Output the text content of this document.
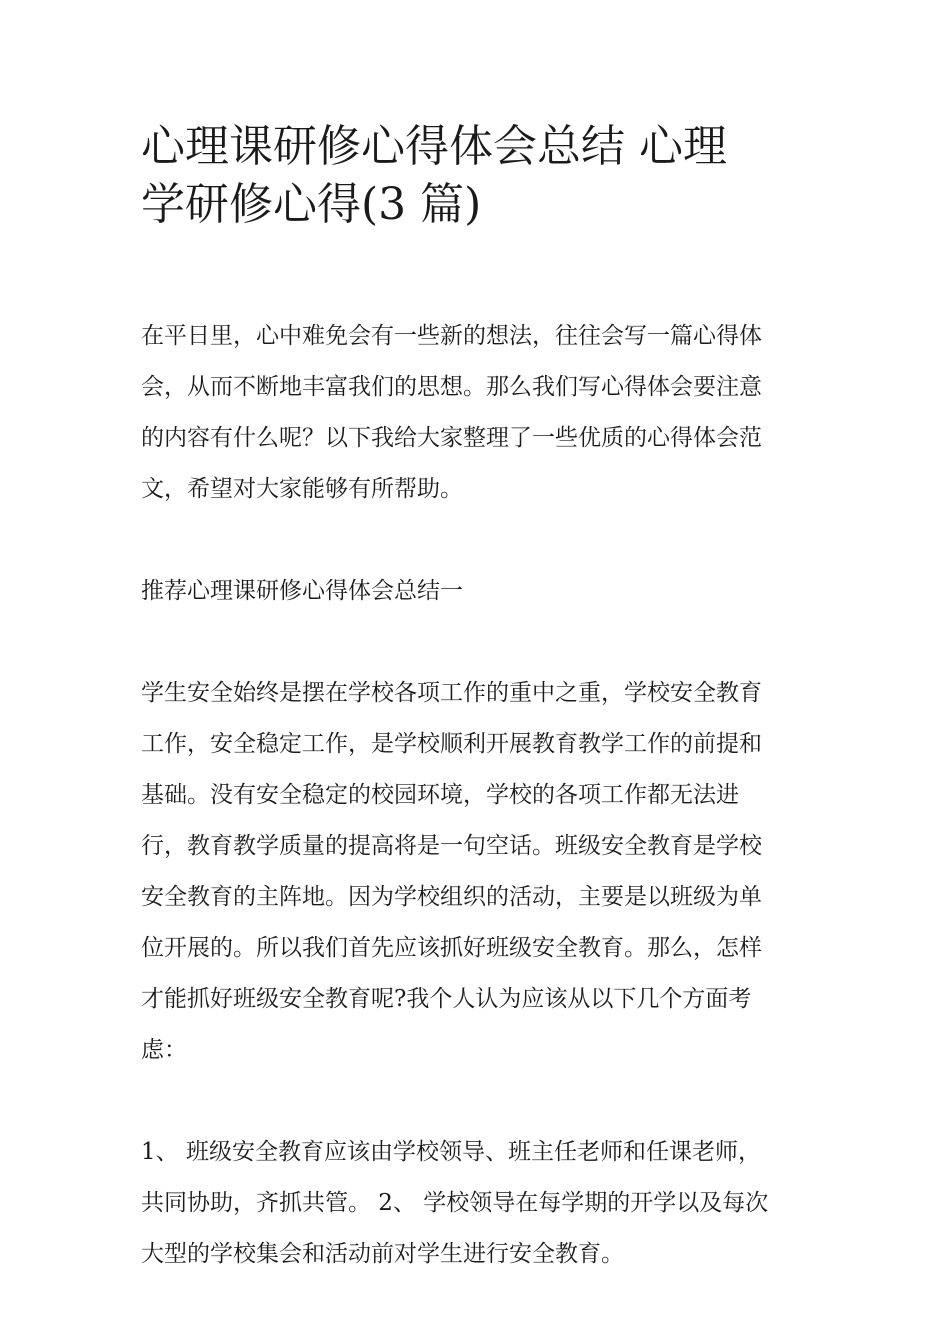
心理课研修心得体会总结 心理
学研修心得(3 篇)

在平日里，心中难免会有一些新的想法，往往会写一篇心得体
会，从而不断地丰富我们的思想。那么我们写心得体会要注意
的内容有什么呢？以下我给大家整理了一些优质的心得体会范
文，希望对大家能够有所帮助。

推荐心理课研修心得体会总结一

学生安全始终是摆在学校各项工作的重中之重，学校安全教育
工作，安全稳定工作，是学校顺利开展教育教学工作的前提和
基础。没有安全稳定的校园环境，学校的各项工作都无法进
行，教育教学质量的提高将是一句空话。班级安全教育是学校
安全教育的主阵地。因为学校组织的活动，主要是以班级为单
位开展的。所以我们首先应该抓好班级安全教育。那么，怎样
才能抓好班级安全教育呢?我个人认为应该从以下几个方面考
虑：

1、 班级安全教育应该由学校领导、班主任老师和任课老师，
共同协助，齐抓共管。 2、 学校领导在每学期的开学以及每次
大型的学校集会和活动前对学生进行安全教育。
